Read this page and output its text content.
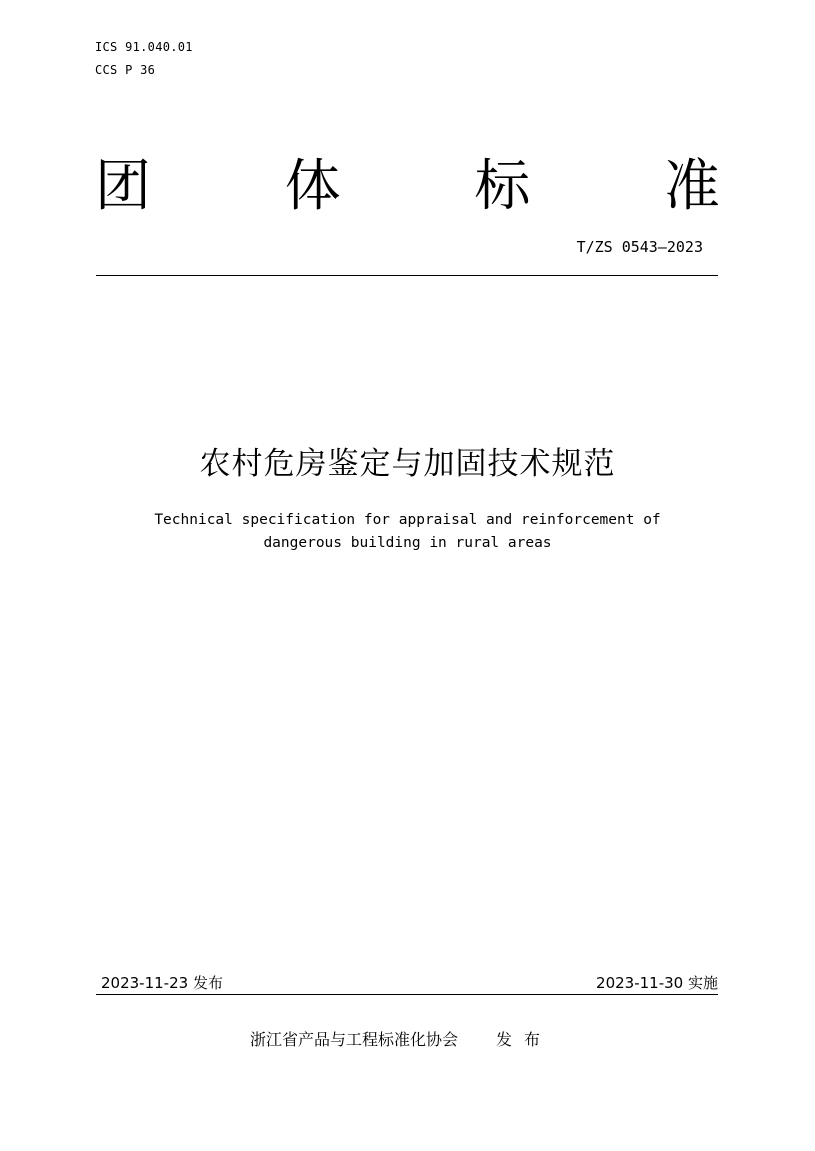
ICS 91.040.01
CCS P 36
团 体 标 准
T/ZS 0543—2023
农村危房鉴定与加固技术规范
Technical specification for appraisal and reinforcement of
dangerous building in rural areas
2023-11-23 发布	2023-11-30 实施
浙江省产品与工程标准化协会 发布
